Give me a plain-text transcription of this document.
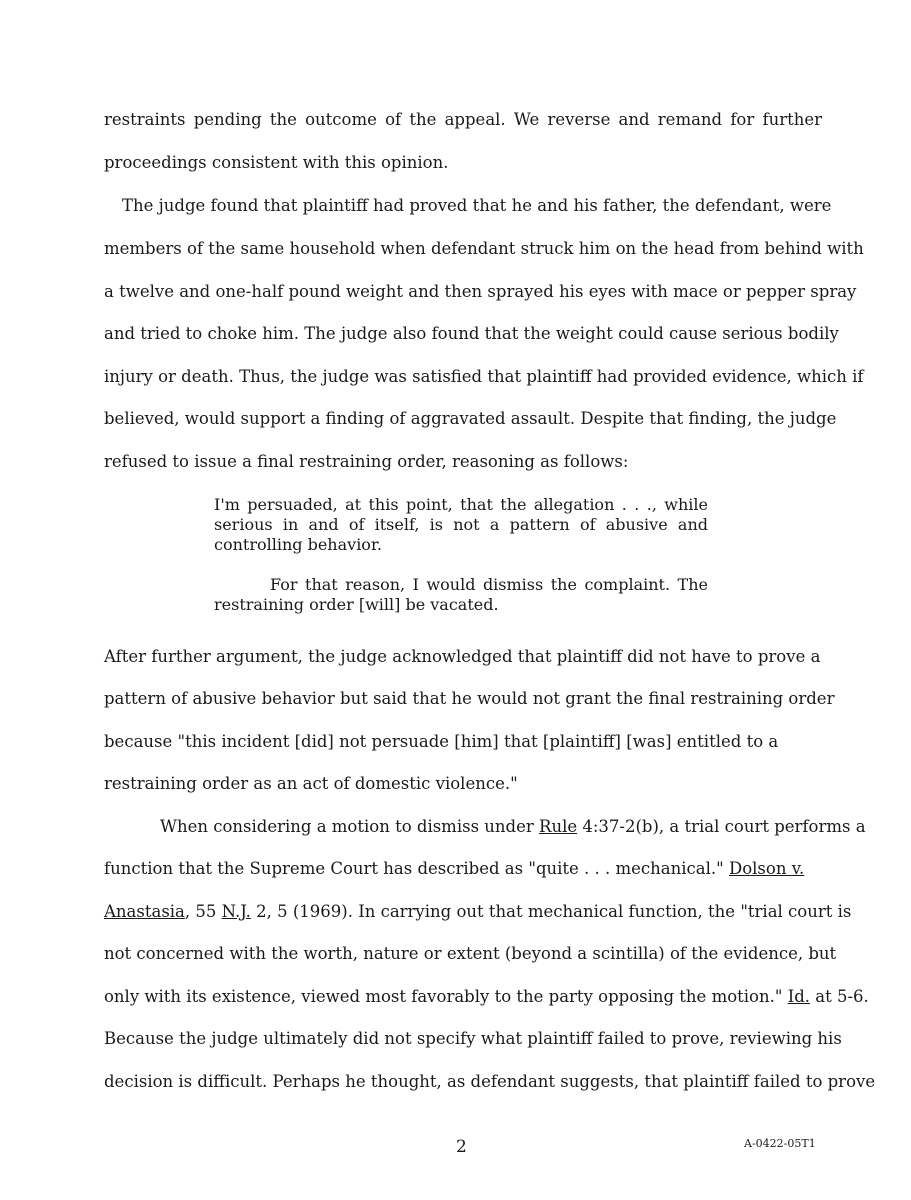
restraints pending the outcome of the appeal. We reverse and remand for further
proceedings consistent with this opinion.
The judge found that plaintiff had proved that he and his father, the defendant, were
members of the same household when defendant struck him on the head from behind with
a twelve and one-half pound weight and then sprayed his eyes with mace or pepper spray
and tried to choke him. The judge also found that the weight could cause serious bodily
injury or death. Thus, the judge was satisfied that plaintiff had provided evidence, which if
believed, would support a finding of aggravated assault. Despite that finding, the judge
refused to issue a final restraining order, reasoning as follows:
I'm persuaded, at this point, that the allegation . . ., while
serious in and of itself, is not a pattern of abusive and
controlling behavior.
For that reason, I would dismiss the complaint. The
restraining order [will] be vacated.
After further argument, the judge acknowledged that plaintiff did not have to prove a
pattern of abusive behavior but said that he would not grant the final restraining order
because "this incident [did] not persuade [him] that [plaintiff] [was] entitled to a
restraining order as an act of domestic violence."
When considering a motion to dismiss under Rule 4:37-2(b), a trial court performs a
function that the Supreme Court has described as "quite . . . mechanical." Dolson v.
Anastasia, 55 N.J. 2, 5 (1969). In carrying out that mechanical function, the "trial court is
not concerned with the worth, nature or extent (beyond a scintilla) of the evidence, but
only with its existence, viewed most favorably to the party opposing the motion." Id. at 5-6.
Because the judge ultimately did not specify what plaintiff failed to prove, reviewing his
decision is difficult. Perhaps he thought, as defendant suggests, that plaintiff failed to prove
2	A-0422-05T1
